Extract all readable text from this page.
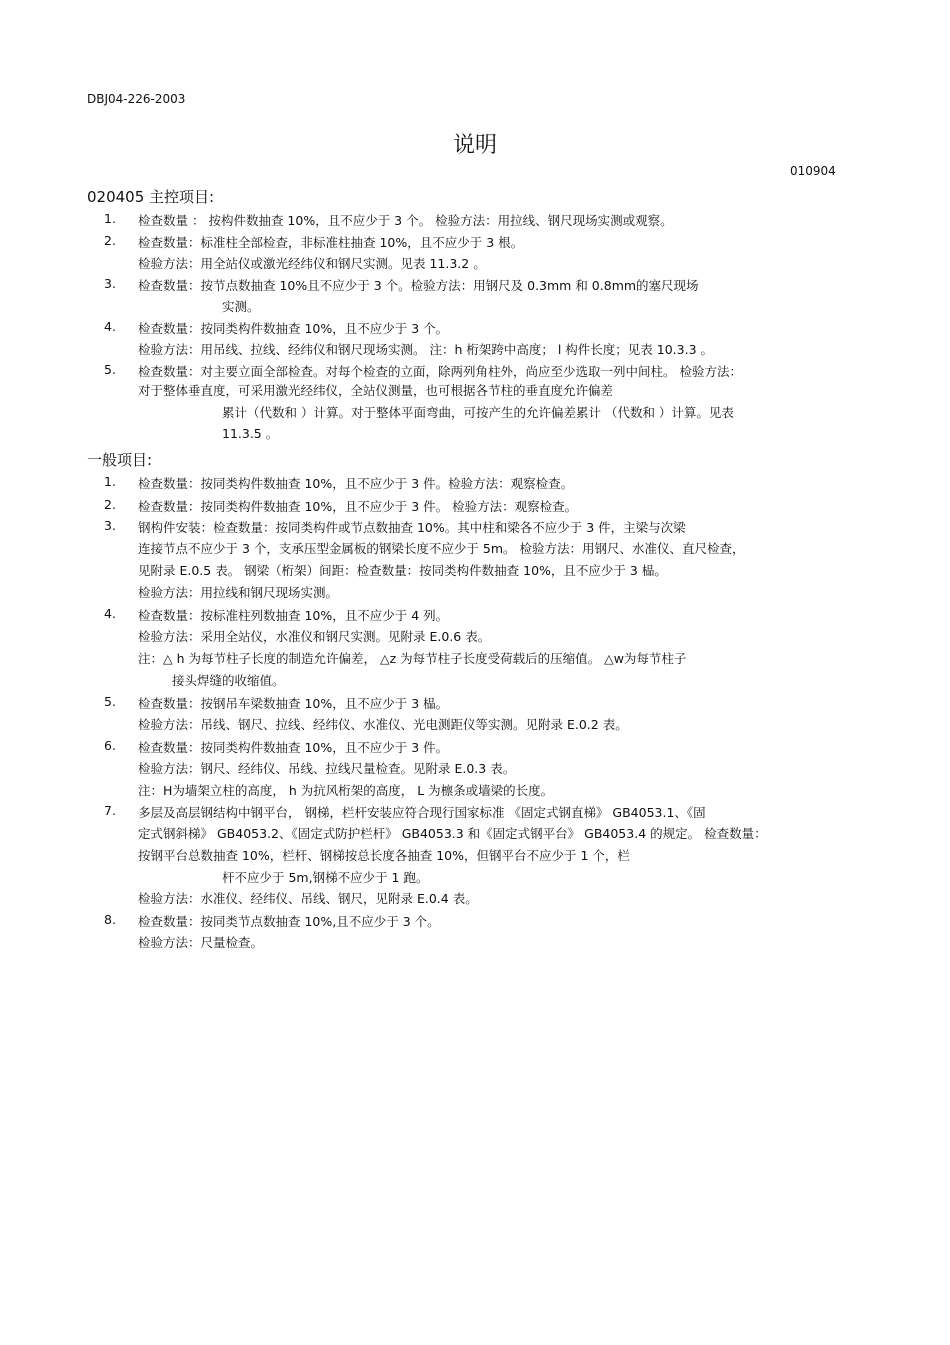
DBJ04-226-2003
说明
010904
020405 主控项目:
1. 检查数量 ： 按构件数抽查 10%，且不应少于 3 个。 检验方法：用拉线、钢尺现场实测或观察。
2. 检查数量：标准柱全部检查，非标准柱抽查 10%，且不应少于 3 根。
检验方法：用全站仪或激光经纬仪和钢尺实测。见表 11.3.2 。
3. 检查数量：按节点数抽查 10%且不应少于 3 个。检验方法：用钢尺及 0.3mm 和 0.8mm的塞尺现场
实测。
4. 检查数量：按同类构件数抽查 10%，且不应少于 3 个。
检验方法：用吊线、拉线、经纬仪和钢尺现场实测。 注：h 桁架跨中高度； l 构件长度；见表 10.3.3 。
5. 检查数量：对主要立面全部检查。对每个检查的立面，除两列角柱外，尚应至少选取一列中间柱。 检验方法：
对于整体垂直度，可采用激光经纬仪，全站仪测量，也可根据各节柱的垂直度允许偏差
累计（代数和 ）计算。对于整体平面弯曲，可按产生的允许偏差累计 （代数和 ）计算。见表
11.3.5 。
一般项目:
1. 检查数量：按同类构件数抽查 10%，且不应少于 3 件。检验方法：观察检查。
2. 检查数量：按同类构件数抽查 10%，且不应少于 3 件。 检验方法：观察检查。
3. 钢构件安装：检查数量：按同类构件或节点数抽查 10%。其中柱和梁各不应少于 3 件，主梁与次梁
连接节点不应少于 3 个，支承压型金属板的钢梁长度不应少于 5m。 检验方法：用钢尺、水准仪、直尺检查，
见附录 E.0.5 表。 钢梁（桁架）间距：检查数量：按同类构件数抽查 10%，且不应少于 3 榀。
检验方法：用拉线和钢尺现场实测。
4. 检查数量：按标准柱列数抽查 10%，且不应少于 4 列。
检验方法：采用全站仪，水准仪和钢尺实测。见附录 E.0.6 表。
注：△ h 为每节柱子长度的制造允许偏差， △z 为每节柱子长度受荷载后的压缩值。 △w为每节柱子
接头焊缝的收缩值。
5. 检查数量：按钢吊车梁数抽查 10%，且不应少于 3 榀。
检验方法：吊线、钢尺、拉线、经纬仪、水准仪、光电测距仪等实测。见附录 E.0.2 表。
6. 检查数量：按同类构件数抽查 10%，且不应少于 3 件。
检验方法：钢尺、经纬仪、吊线、拉线尺量检查。见附录 E.0.3 表。
注：H为墙架立柱的高度， h 为抗风桁架的高度， L 为檩条或墙梁的长度。
7. 多层及高层钢结构中钢平台， 钢梯，栏杆安装应符合现行国家标准 《固定式钢直梯》 GB4053.1、《固
定式钢斜梯》 GB4053.2、《固定式防护栏杆》 GB4053.3 和《固定式钢平台》 GB4053.4 的规定。 检查数量：
按钢平台总数抽查 10%，栏杆、钢梯按总长度各抽查 10%，但钢平台不应少于 1 个，栏
杆不应少于 5m,钢梯不应少于 1 跑。
检验方法：水准仪、经纬仪、吊线、钢尺，见附录 E.0.4 表。
8. 检查数量：按同类节点数抽查 10%,且不应少于 3 个。
检验方法：尺量检查。
